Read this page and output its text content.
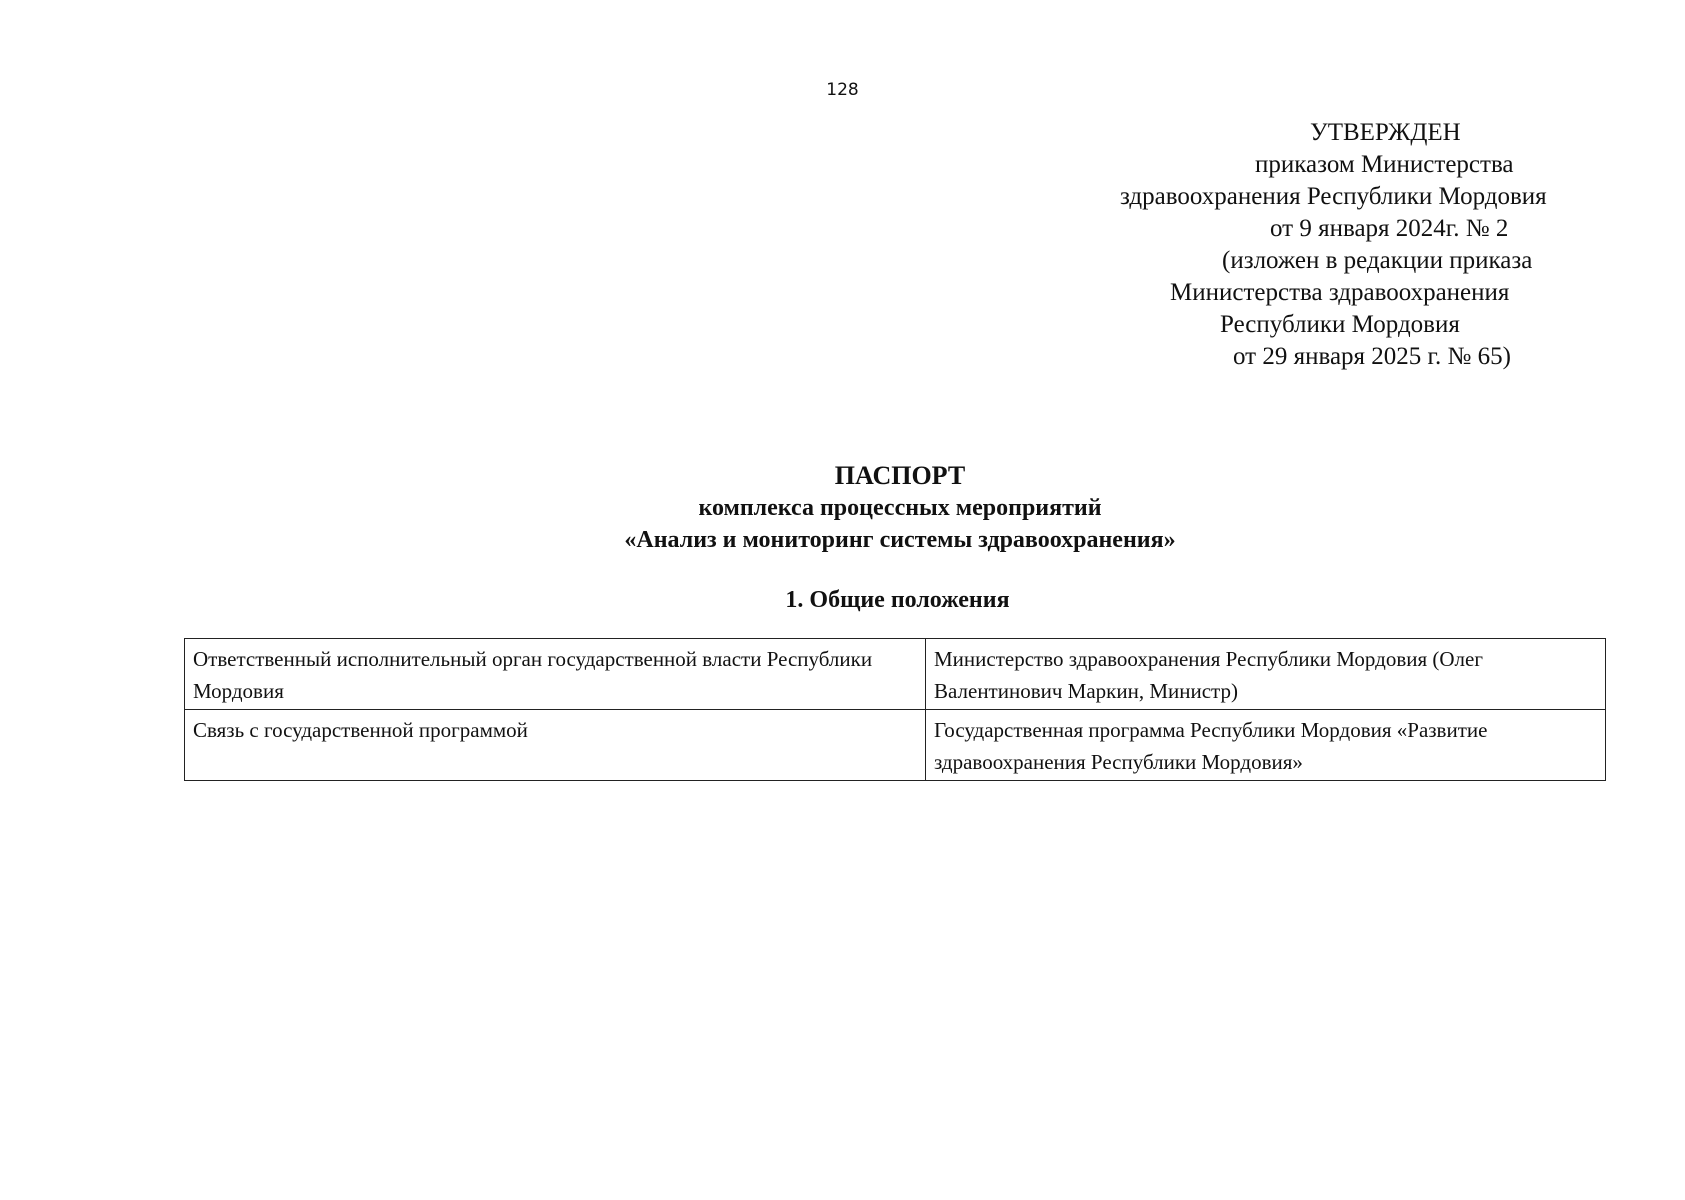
128
УТВЕРЖДЕН
приказом Министерства
здравоохранения Республики Мордовия
от 9 января 2024г. № 2
(изложен в редакции приказа
Министерства здравоохранения
Республики Мордовия
от 29 января 2025 г. № 65)
ПАСПОРТ
комплекса процессных мероприятий
«Анализ и мониторинг системы здравоохранения»
1. Общие положения
Ответственный исполнительный орган государственной власти Республики Мордовия	Министерство здравоохранения Республики Мордовия (Олег Валентинович Маркин, Министр)
Связь с государственной программой	Государственная программа Республики Мордовия «Развитие здравоохранения Республики Мордовия»
